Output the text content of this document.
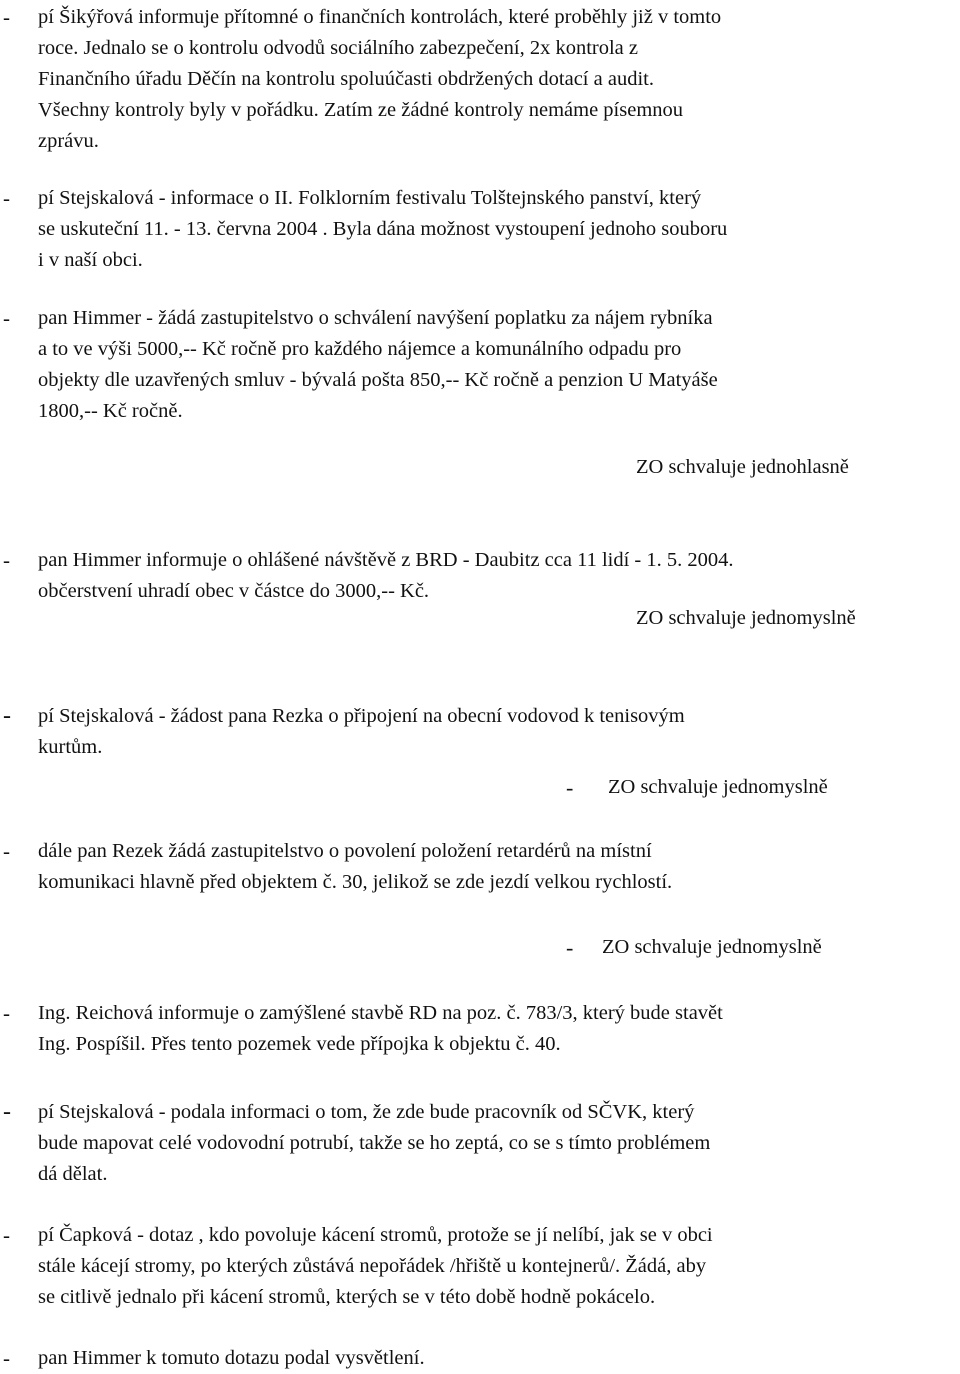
- pí Šikýřová informuje přítomné o finančních kontrolách, které proběhly již v tomto
roce. Jednalo se o kontrolu odvodů sociálního zabezpečení, 2x kontrola z
Finančního úřadu Děčín na kontrolu spoluúčasti obdržených dotací a audit.
Všechny kontroly byly v pořádku. Zatím ze žádné kontroly nemáme písemnou
zprávu.
- pí Stejskalová - informace o II. Folklorním festivalu Tolštejnského panství, který
se uskuteční 11. - 13. června 2004 . Byla dána možnost vystoupení jednoho souboru
i v naší obci.
- pan Himmer - žádá zastupitelstvo o schválení navýšení poplatku za nájem rybníka
a to ve výši 5000,-- Kč ročně pro každého nájemce a komunálního odpadu pro
objekty dle uzavřených smluv - bývalá pošta 850,-- Kč ročně a penzion U Matyáše
1800,-- Kč ročně.
ZO schvaluje jednohlasně
- pan Himmer informuje o ohlášené návštěvě z BRD - Daubitz cca 11 lidí - 1. 5. 2004.
občerstvení uhradí obec v částce do 3000,-- Kč.
ZO schvaluje jednomyslně
- pí Stejskalová - žádost pana Rezka o připojení na obecní vodovod k tenisovým
kurtům.
- ZO schvaluje jednomyslně
- dále pan Rezek žádá zastupitelstvo o povolení položení retardérů na místní
komunikaci hlavně před objektem č. 30, jelikož se zde jezdí velkou rychlostí.
- ZO schvaluje jednomyslně
- Ing. Reichová informuje o zamýšlené stavbě RD na poz. č. 783/3, který bude stavět
Ing. Pospíšil. Přes tento pozemek vede přípojka k objektu č. 40.
- pí Stejskalová - podala informaci o tom, že zde bude pracovník od SČVK, který
bude mapovat celé vodovodní potrubí, takže se ho zeptá, co se s tímto problémem
dá dělat.
- pí Čapková - dotaz , kdo povoluje kácení stromů, protože se jí nelíbí, jak se v obci
stále kácejí stromy, po kterých zůstává nepořádek /hřiště u kontejnerů/. Žádá, aby
se citlivě jednalo při kácení stromů, kterých se v této době hodně pokácelo.
- pan Himmer k tomuto dotazu podal vysvětlení.
